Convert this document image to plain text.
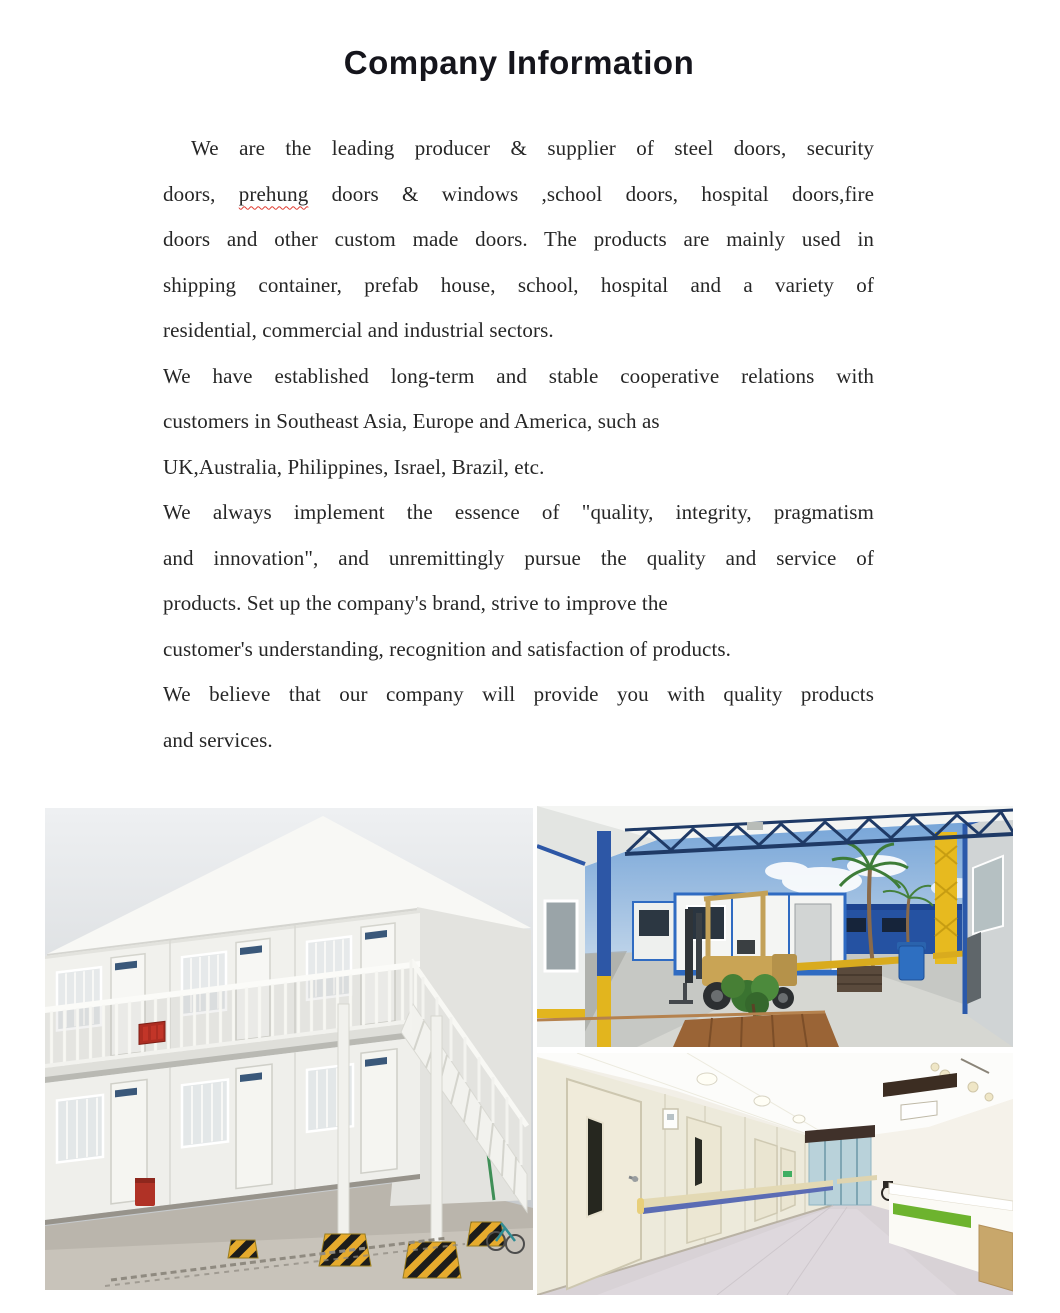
Company Information
We are the leading producer & supplier of steel doors, security
doors, prehung doors & windows ,school doors, hospital doors,fire
doors and other custom made doors. The products are mainly used in
shipping container, prefab house, school, hospital and a variety of
residential, commercial and industrial sectors.
We have established long-term and stable cooperative relations with
customers in Southeast Asia, Europe and America, such as
UK,Australia, Philippines, Israel, Brazil, etc.
We always implement the essence of "quality, integrity, pragmatism
and innovation", and unremittingly pursue the quality and service of
products. Set up the company's brand, strive to improve the
customer's understanding, recognition and satisfaction of products.
We believe that our company will provide you with quality products
and services.
